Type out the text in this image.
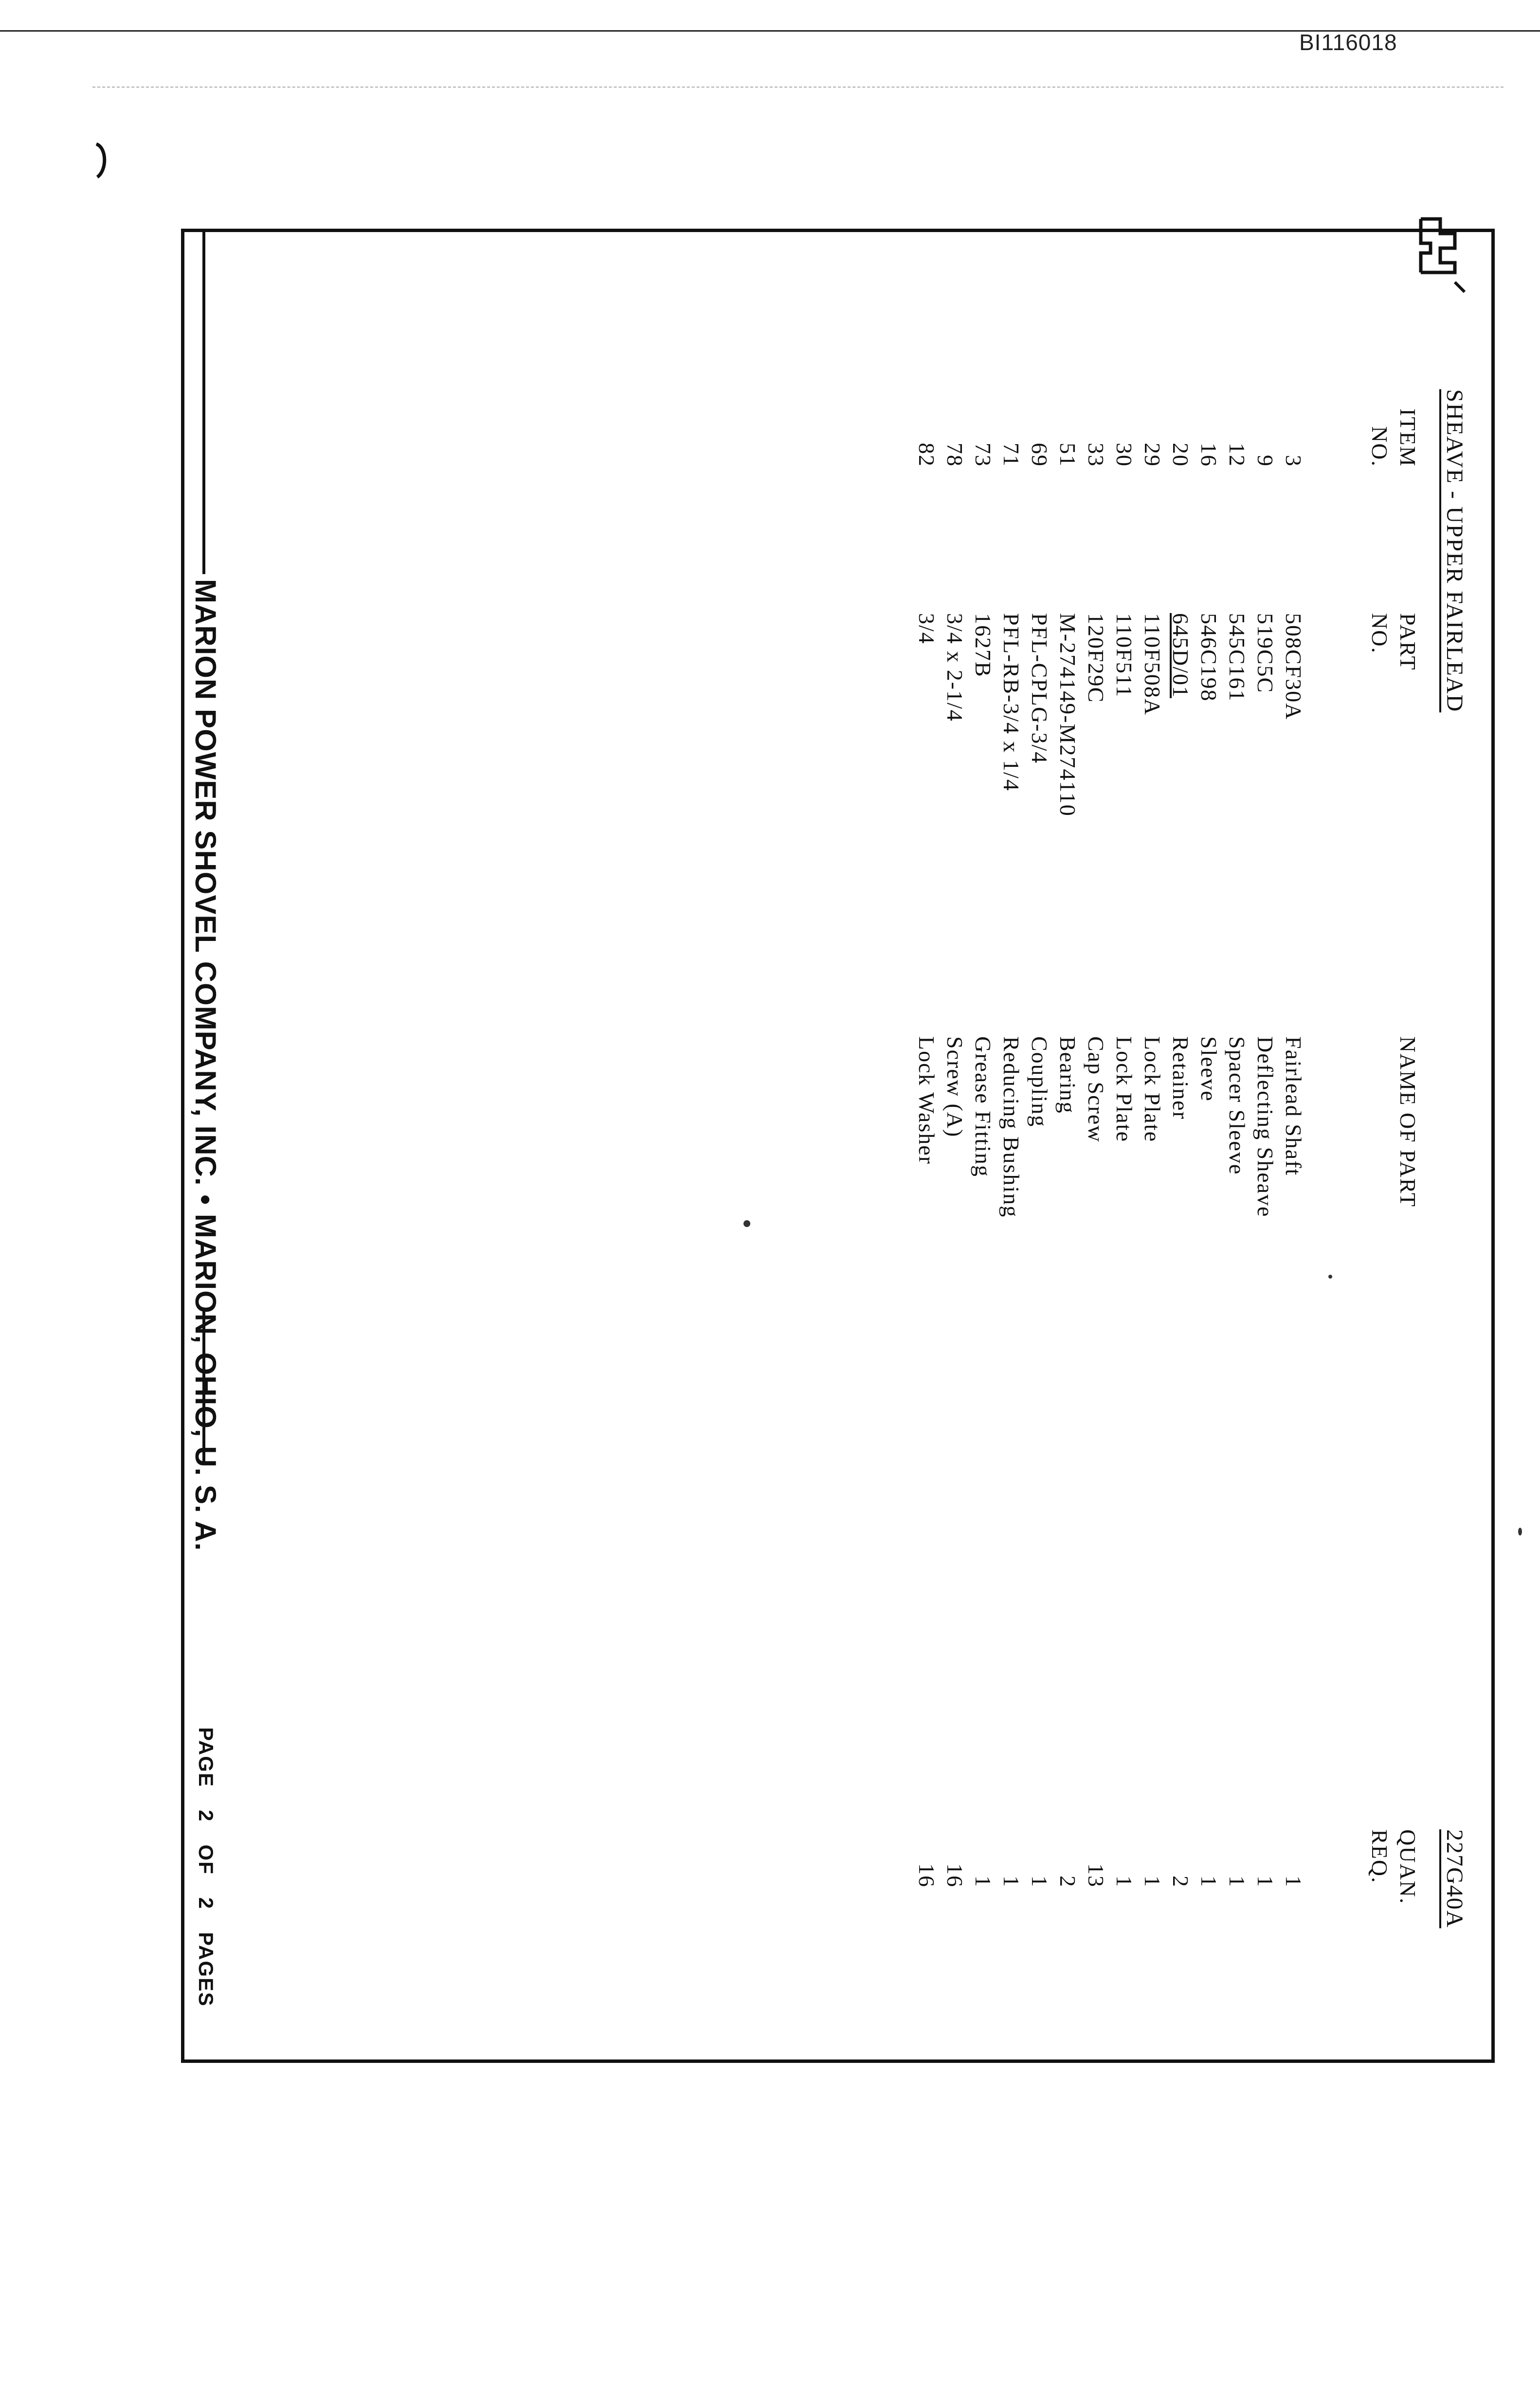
BI116018
SHEAVE - UPPER FAIRLEAD
227G40A
ITEM
NO.
PART
NO.
NAME OF PART
QUAN.
REQ.
3
508CF30A
Fairlead Shaft
1
9
519C5C
Deflecting Sheave
1
12
545C161
Spacer Sleeve
1
16
546C198
Sleeve
1
20
645D/01
Retainer
2
29
110F508A
Lock Plate
1
30
110F511
Lock Plate
1
33
120F29C
Cap Screw
13
51
M-274149-M274110
Bearing
2
69
PFL-CPLG-3/4
Coupling
1
71
PFL-RB-3/4 x 1/4
Reducing Bushing
1
73
1627B
Grease Fitting
1
78
3/4 x 2-1/4
Screw (A)
16
82
3/4
Lock Washer
16
MARION POWER SHOVEL COMPANY, INC. • MARION, OHIO, U. S. A.
PAGE2OF2PAGES
